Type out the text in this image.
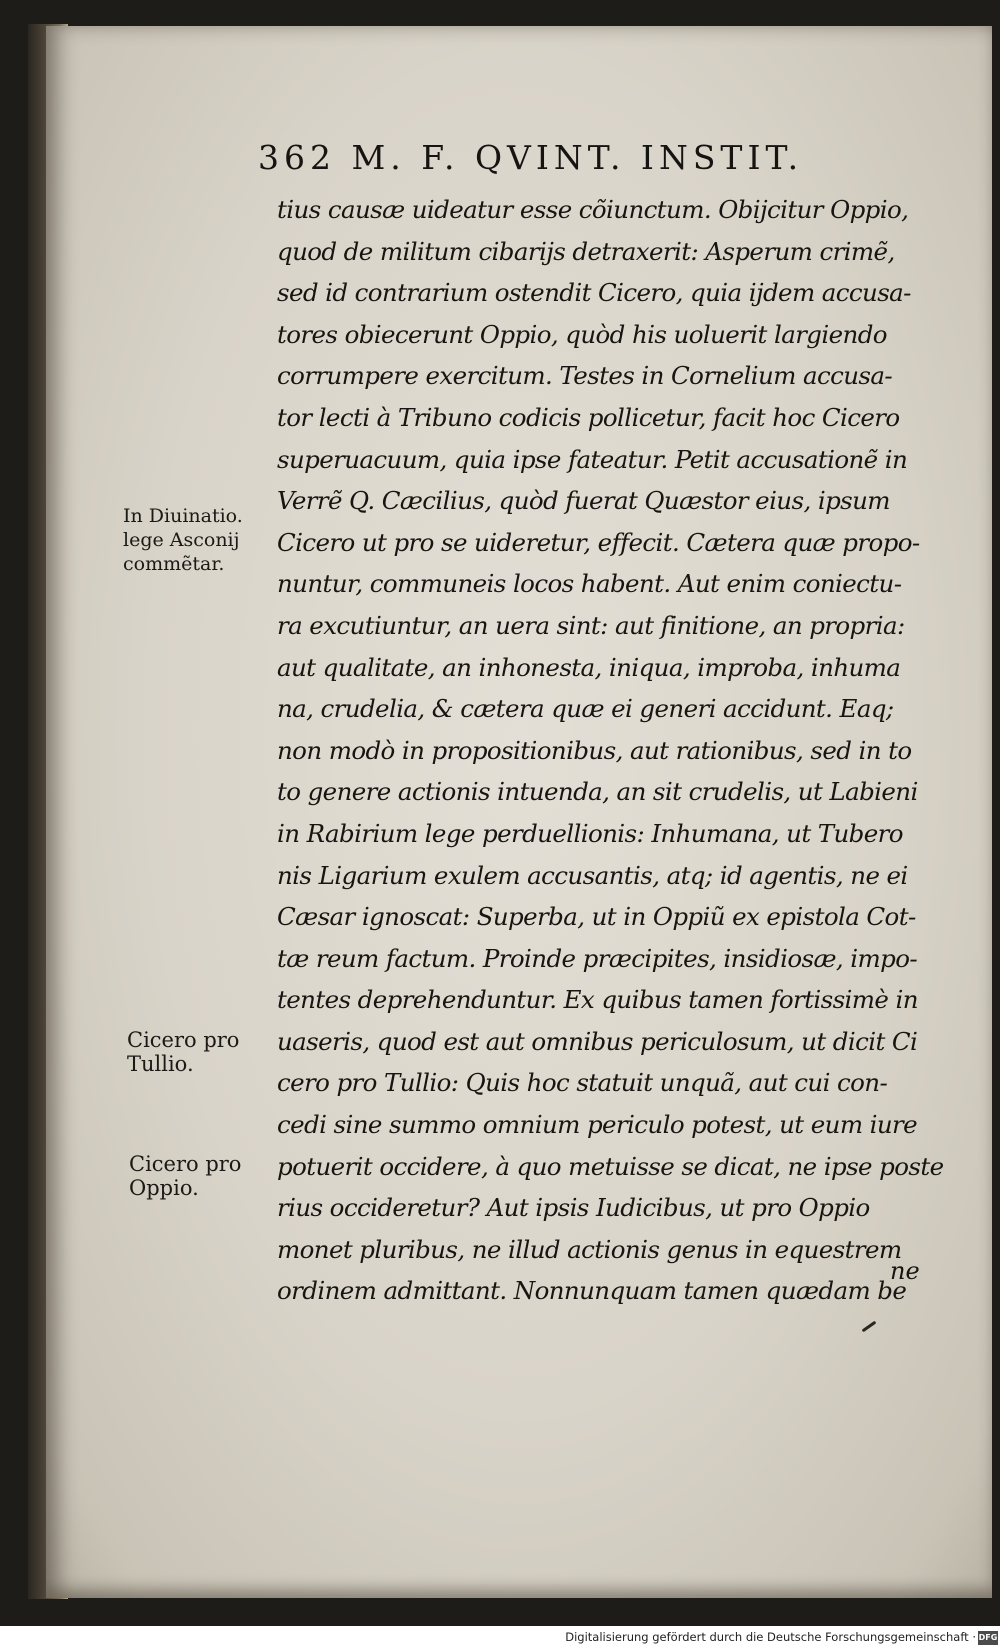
362 M. F. QVINT. INSTIT.
tius causæ uideatur esse cõiunctum. Obijcitur Oppio,
quod de militum cibarijs detraxerit: Asperum crimẽ,
sed id contrarium ostendit Cicero, quia ijdem accusa-
tores obiecerunt Oppio, quòd his uoluerit largiendo
corrumpere exercitum. Testes in Cornelium accusa-
tor lecti à Tribuno codicis pollicetur, facit hoc Cicero
superuacuum, quia ipse fateatur. Petit accusationẽ in
Verrẽ Q. Cæcilius, quòd fuerat Quæstor eius, ipsum
Cicero ut pro se uideretur, effecit. Cætera quæ propo-
nuntur, communeis locos habent. Aut enim coniectu-
ra excutiuntur, an uera sint: aut finitione, an propria:
aut qualitate, an inhonesta, iniqua, improba, inhuma
na, crudelia, & cætera quæ ei generi accidunt. Eaq;
non modò in propositionibus, aut rationibus, sed in to
to genere actionis intuenda, an sit crudelis, ut Labieni
in Rabirium lege perduellionis: Inhumana, ut Tubero
nis Ligarium exulem accusantis, atq; id agentis, ne ei
Cæsar ignoscat: Superba, ut in Oppiũ ex epistola Cot-
tæ reum factum. Proinde præcipites, insidiosæ, impo-
tentes deprehenduntur. Ex quibus tamen fortissimè in
uaseris, quod est aut omnibus periculosum, ut dicit Ci
cero pro Tullio: Quis hoc statuit unquã, aut cui con-
cedi sine summo omnium periculo potest, ut eum iure
potuerit occidere, à quo metuisse se dicat, ne ipse poste
rius occideretur? Aut ipsis Iudicibus, ut pro Oppio
monet pluribus, ne illud actionis genus in equestrem
ordinem admittant. Nonnunquam tamen quædam be
ne
In Diuinatio.
lege Asconij
commẽtar.
Cicero pro
Tullio.
Cicero pro
Oppio.
Digitalisierung gefördert durch die Deutsche Forschungsgemeinschaft · DFG
